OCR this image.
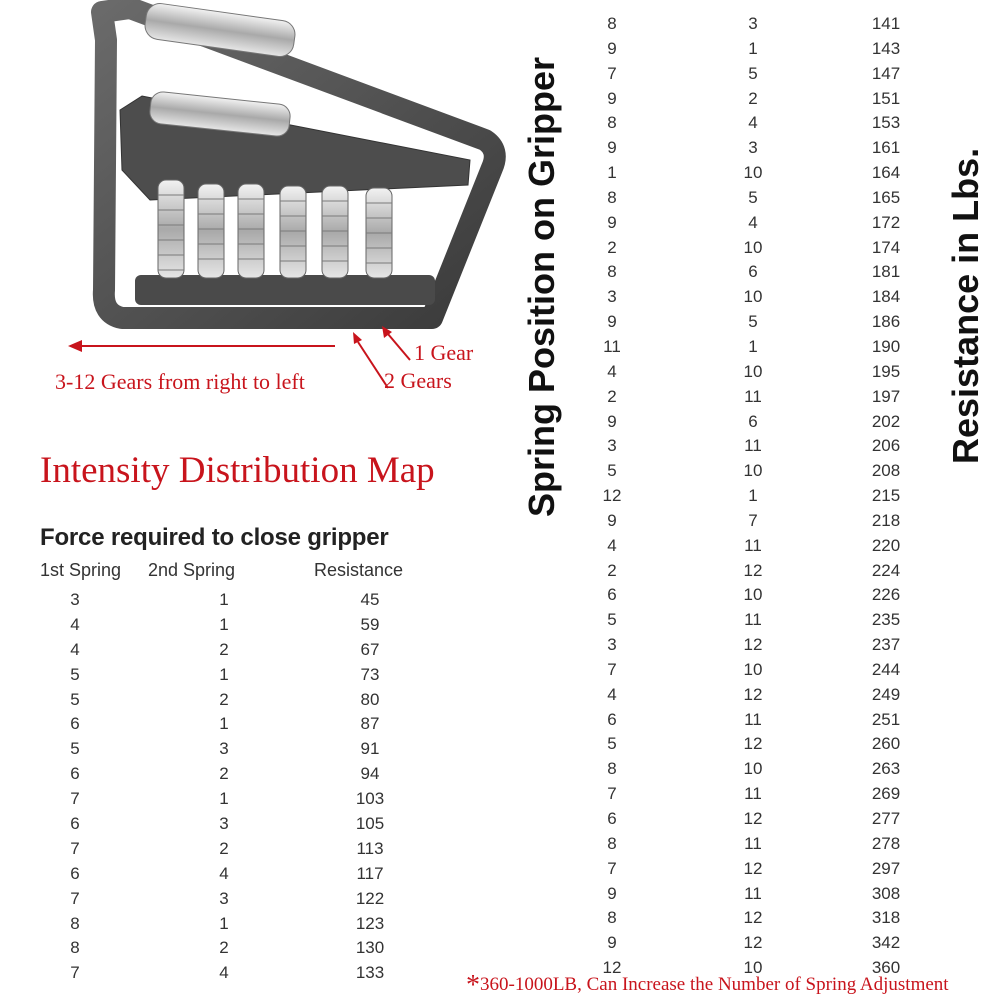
1 Gear
2 Gears
3-12 Gears from right to left
Intensity Distribution Map
Force required to close gripper
1st Spring 2nd Spring	Resistance
3	1	45
4	1	59
4	2	67
5	1	73
5	2	80
6	1	87
5	3	91
6	2	94
7	1	103
6	3	105
7	2	113
6	4	117
7	3	122
8	1	123
8	2	130
7	4	133
8	3	141
9	1	143
7	5	147
9	2	151
8	4	153
9	3	161
1	10	164
8	5	165
9	4	172
2	10	174
8	6	181
3	10	184
9	5	186
11	1	190
4	10	195
2	11	197
9	6	202
3	11	206
5	10	208
12	1	215
9	7	218
4	11	220
2	12	224
6	10	226
5	11	235
3	12	237
7	10	244
4	12	249
6	11	251
5	12	260
8	10	263
7	11	269
6	12	277
8	11	278
7	12	297
9	11	308
8	12	318
9	12	342
12	10	360
Spring Position on Gripper	Resistance in Lbs.
*360-1000LB, Can Increase the Number of Spring Adjustment
